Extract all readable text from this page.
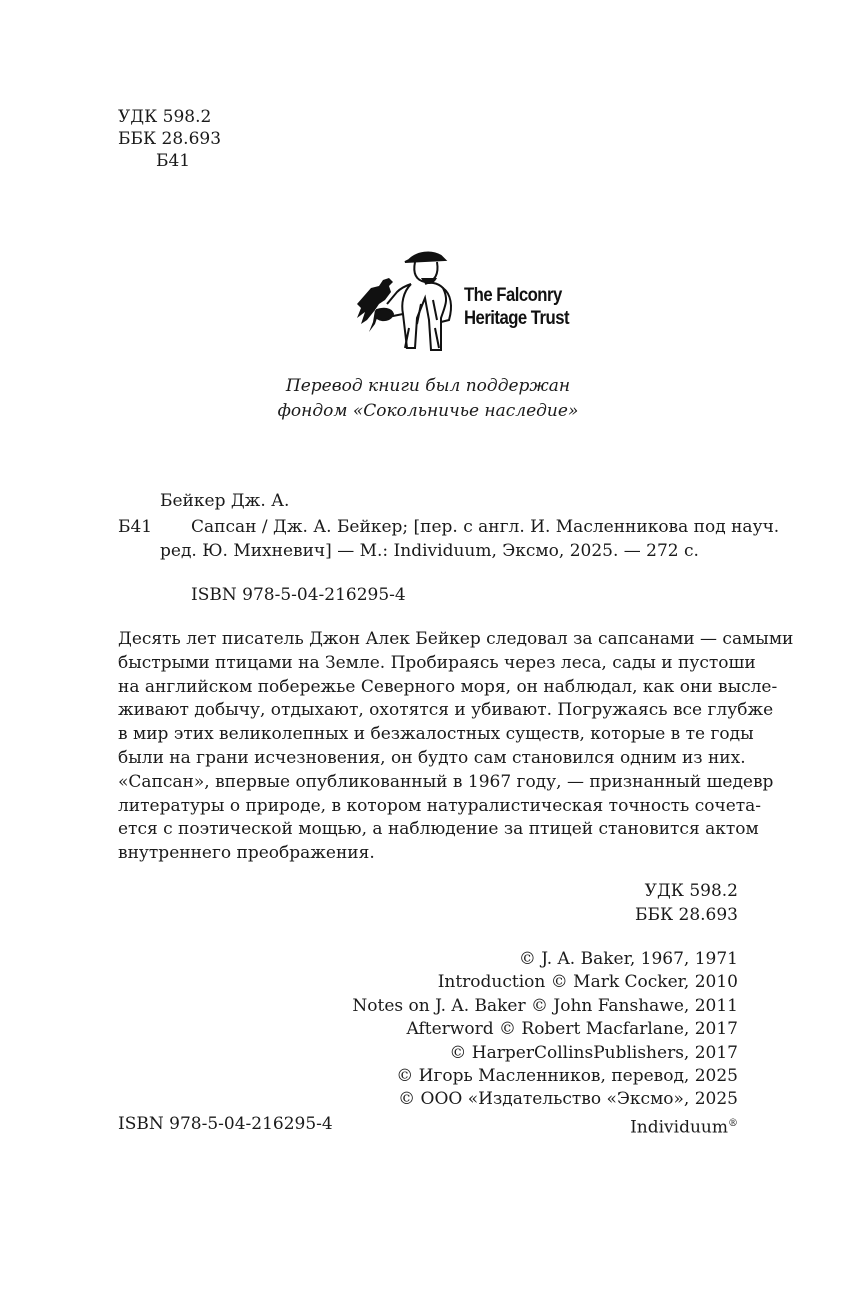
УДК 598.2
ББК 28.693
Б41
The Falconry
Heritage Trust
Перевод книги был поддержан
фондом «Сокольничье наследие»
Бейкер Дж. А.
Б41 Сапсан / Дж. А. Бейкер; [пер. с англ. И. Масленникова под науч.
ред. Ю. Михневич] — М.: Individuum, Эксмо, 2025. — 272 с.
ISBN 978-5-04-216295-4
Десять лет писатель Джон Алек Бейкер следовал за сапсанами — самыми
быстрыми птицами на Земле. Пробираясь через леса, сады и пустоши
на английском побережье Северного моря, он наблюдал, как они высле-
живают добычу, отдыхают, охотятся и убивают. Погружаясь все глубже
в мир этих великолепных и безжалостных существ, которые в те годы
были на грани исчезновения, он будто сам становился одним из них.
«Сапсан», впервые опубликованный в 1967 году, — признанный шедевр
литературы о природе, в котором натуралистическая точность сочета-
ется с поэтической мощью, а наблюдение за птицей становится актом
внутреннего преображения.
УДК 598.2
ББК 28.693
© J. A. Baker, 1967, 1971
Introduction © Mark Cocker, 2010
Notes on J. A. Baker © John Fanshawe, 2011
Afterword © Robert Macfarlane, 2017
© HarperCollinsPublishers, 2017
© Игорь Масленников, перевод, 2025
© ООО «Издательство «Эксмо», 2025
ISBN 978-5-04-216295-4	Individuum®
